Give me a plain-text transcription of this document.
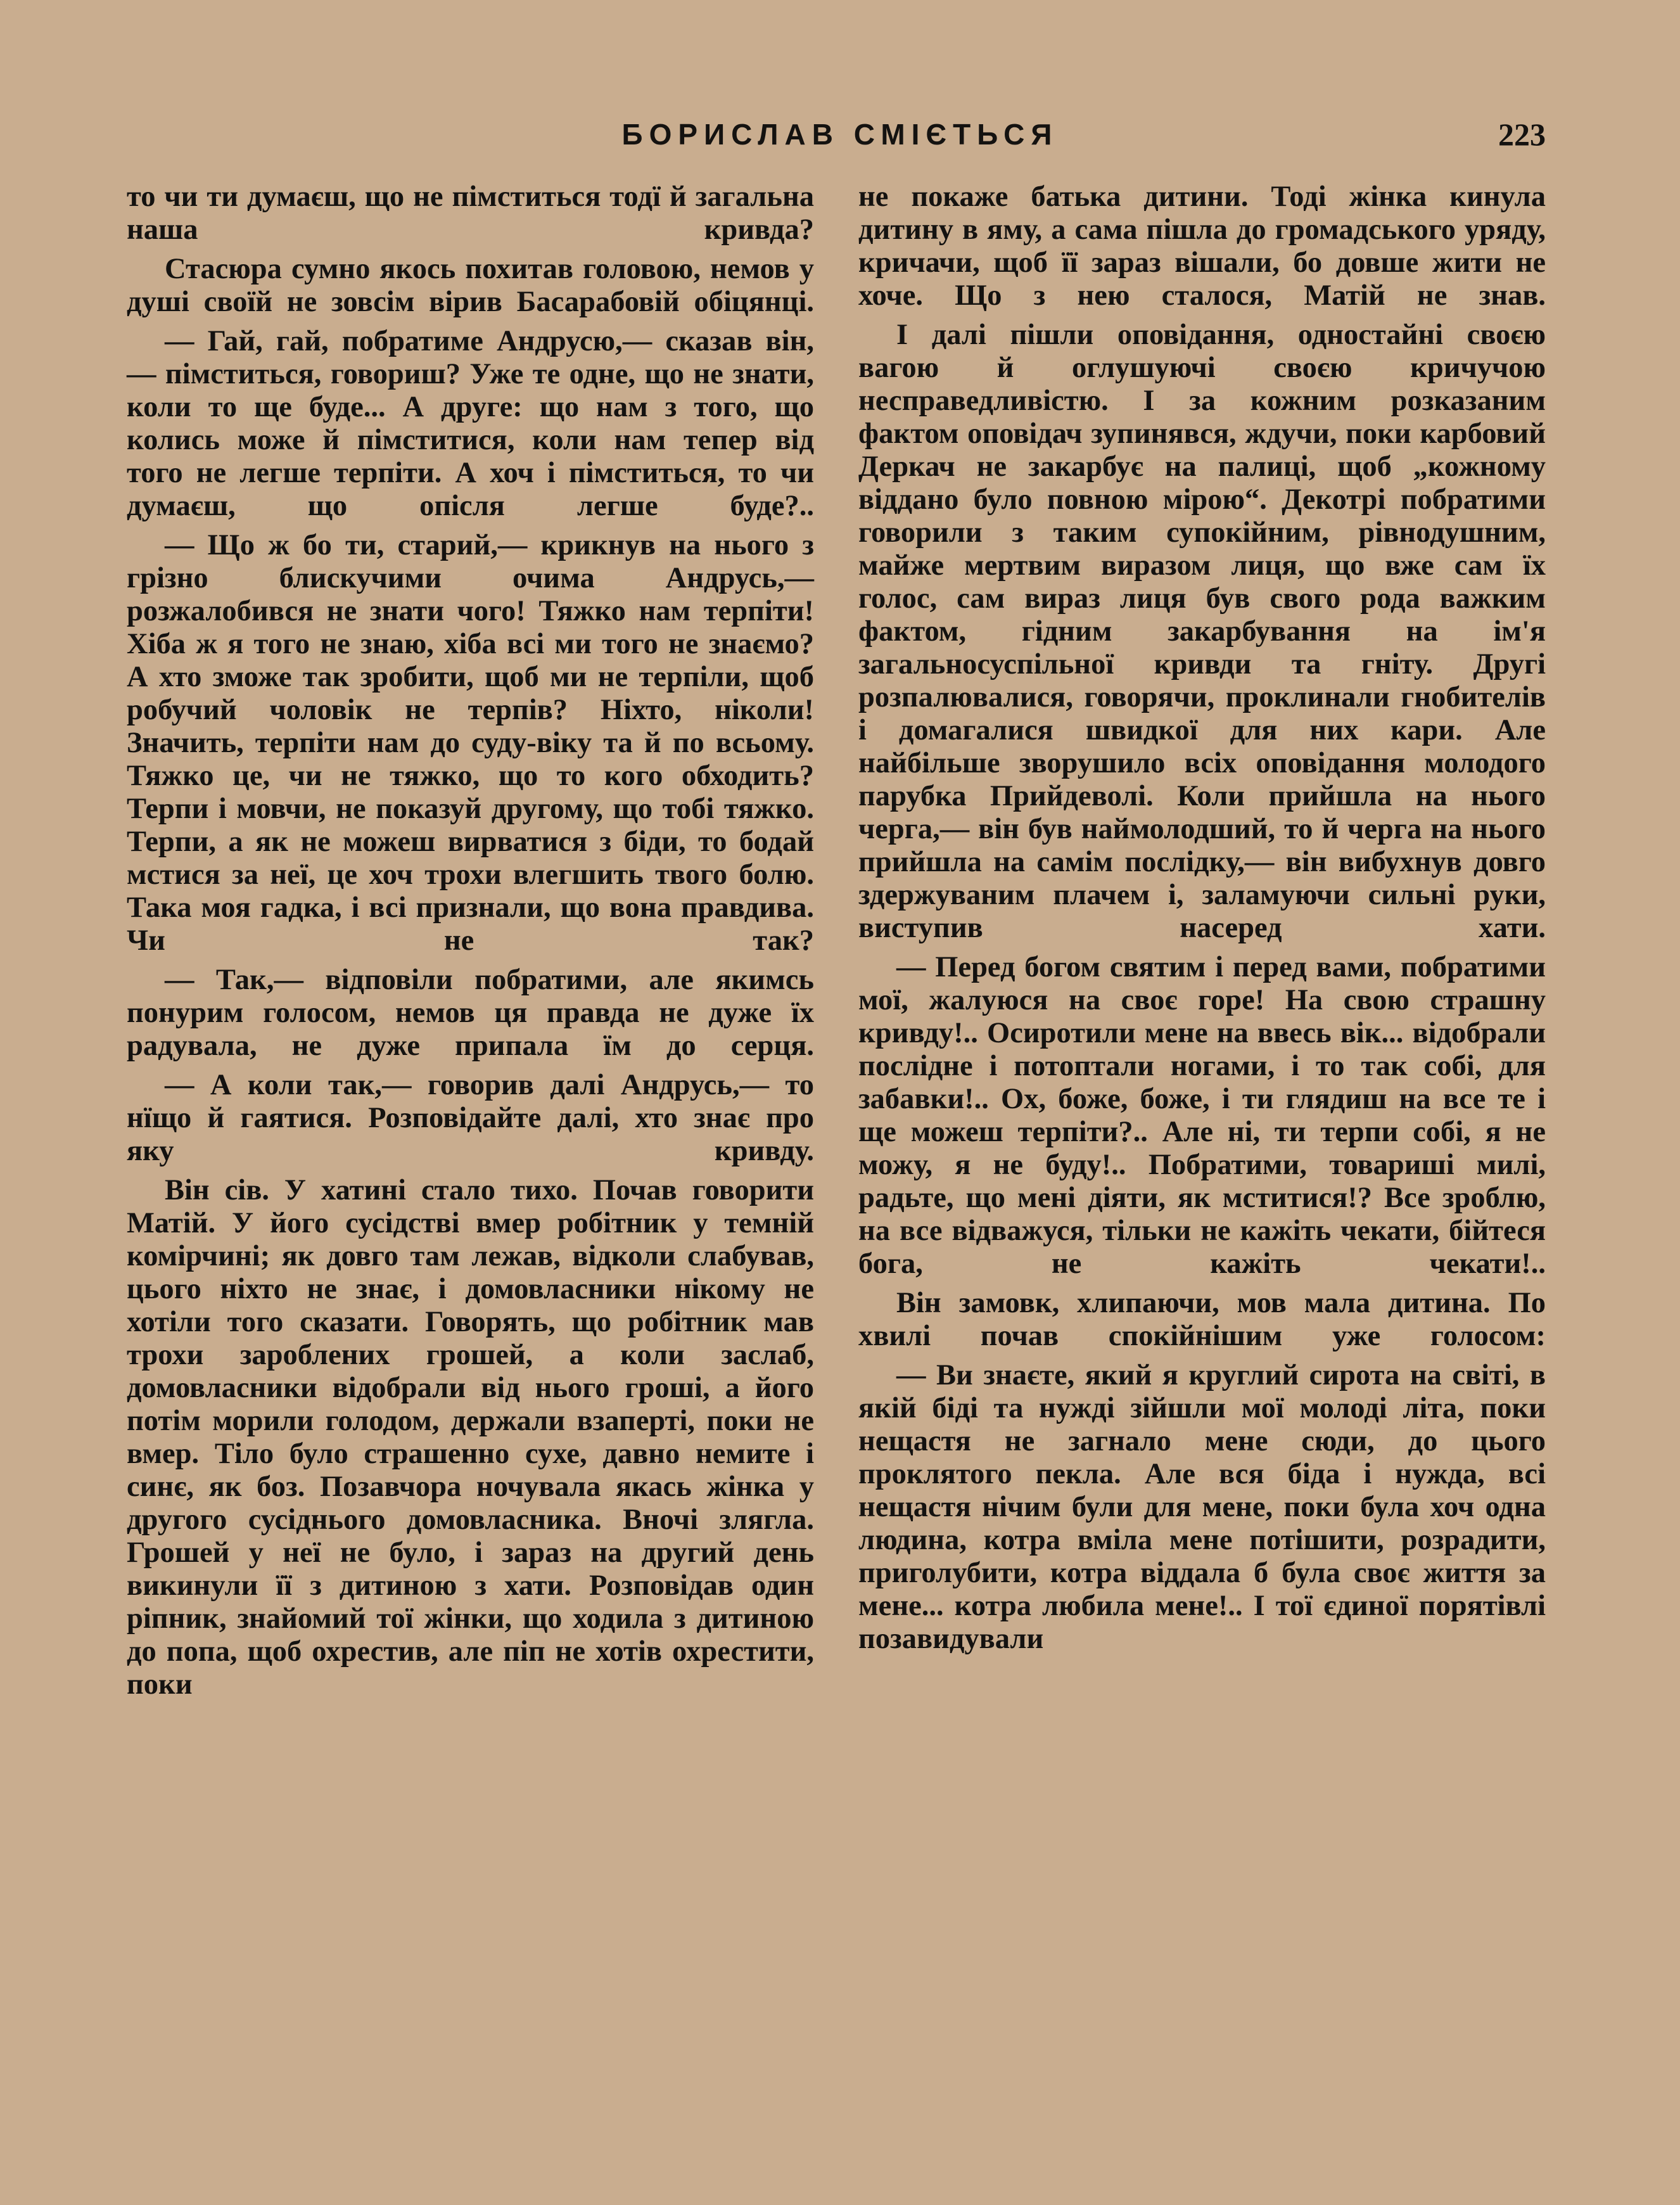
БОРИСЛАВ СМІЄТЬСЯ	223

то чи ти думаєш, що не пімститься тодї й загальна наша кривда?

Стасюра сумно якось похитав головою, немов у душі своїй не зовсім вірив Басарабовій обіцянці.

— Гай, гай, побратиме Андрусю,— сказав він,— пімститься, говориш? Уже те одне, що не знати, коли то ще буде... А друге: що нам з того, що колись може й пімститися, коли нам тепер від того не легше терпіти. А хоч і пімститься, то чи думаєш, що опісля легше буде?..

— Що ж бо ти, старий,— крикнув на нього з грізно блискучими очима Андрусь,— розжалобився не знати чого! Тяжко нам терпіти! Хіба ж я того не знаю, хіба всі ми того не знаємо? А хто зможе так зробити, щоб ми не терпіли, щоб робучий чоловік не терпів? Ніхто, ніколи! Значить, терпіти нам до суду-віку та й по всьому. Тяжко це, чи не тяжко, що то кого обходить? Терпи і мовчи, не показуй другому, що тобі тяжко. Терпи, а як не можеш вирватися з біди, то бодай мстися за неї, це хоч трохи влегшить твого болю. Така моя гадка, і всі признали, що вона правдива. Чи не так?

— Так,— відповіли побратими, але якимсь понурим голосом, немов ця правда не дуже їх радувала, не дуже припала їм до серця.

— А коли так,— говорив далі Андрусь,— то нїщо й гаятися. Розповідайте далі, хто знає про яку кривду.

Він сів. У хатині стало тихо. Почав говорити Матій. У його сусідстві вмер робітник у темній комірчині; як довго там лежав, відколи слабував, цього ніхто не знає, і домовласники нікому не хотіли того сказати. Говорять, що робітник мав трохи зароблених грошей, а коли заслаб, домовласники відобрали від нього гроші, а його потім морили голодом, держали взаперті, поки не вмер. Тіло було страшенно сухе, давно немите і синє, як боз. Позавчора ночувала якась жінка у другого сусіднього домовласника. Вночі злягла. Грошей у неї не було, і зараз на другий день викинули її з дитиною з хати. Розповідав один ріпник, знайомий тої жінки, що ходила з дитиною до попа, щоб охрестив, але піп не хотів охрестити, поки

не покаже батька дитини. Тоді жінка кинула дитину в яму, а сама пішла до громадського уряду, кричачи, щоб її зараз вішали, бо довше жити не хоче. Що з нею сталося, Матій не знав.

І далі пішли оповідання, одностайні своєю вагою й оглушуючі своєю кричучою несправедливістю. І за кожним розказаним фактом оповідач зупинявся, ждучи, поки карбовий Деркач не закарбує на палиці, щоб „кожному віддано було повною мірою“. Декотрі побратими говорили з таким супокійним, рівнодушним, майже мертвим виразом лиця, що вже сам їх голос, сам вираз лиця був свого рода важким фактом, гідним закарбування на ім'я загальносуспільної кривди та гніту. Другі розпалювалися, говорячи, проклинали гнобителів і домагалися швидкої для них кари. Але найбільше зворушило всіх оповідання молодого парубка Прийдеволі. Коли прийшла на нього черга,— він був наймолодший, то й черга на нього прийшла на самім послідку,— він вибухнув довго здержуваним плачем і, заламуючи сильні руки, виступив насеред хати.

— Перед богом святим і перед вами, побратими мої, жалуюся на своє горе! На свою страшну кривду!.. Осиротили мене на ввесь вік... відобрали послідне і потоптали ногами, і то так собі, для забавки!.. Ох, боже, боже, і ти глядиш на все те і ще можеш терпіти?.. Але ні, ти терпи собі, я не можу, я не буду!.. Побратими, товариші милі, радьте, що мені діяти, як мститися!? Все зроблю, на все відважуся, тільки не кажіть чекати, бійтеся бога, не кажіть чекати!..

Він замовк, хлипаючи, мов мала дитина. По хвилі почав спокійнішим уже голосом:

— Ви знаєте, який я круглий сирота на світі, в якій біді та нужді зійшли мої молоді літа, поки нещастя не загнало мене сюди, до цього проклятого пекла. Але вся біда і нужда, всі нещастя нічим були для мене, поки була хоч одна людина, котра вміла мене потішити, розрадити, приголубити, котра віддала б була своє життя за мене... котра любила мене!.. І тої єдиної порятівлі позавидували
